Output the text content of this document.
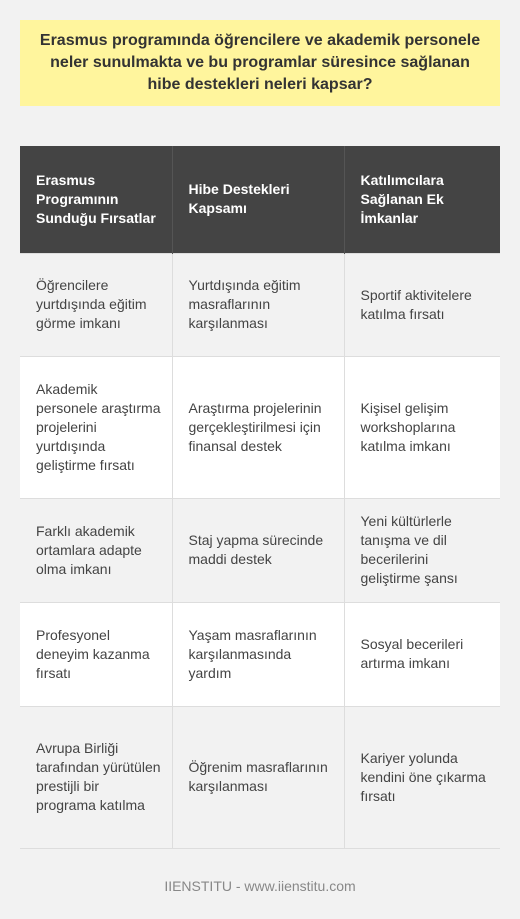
Erasmus programında öğrencilere ve akademik personele neler sunulmakta ve bu programlar süresince sağlanan hibe destekleri neleri kapsar?
Erasmus Programının Sunduğu Fırsatlar	Hibe Destekleri Kapsamı	Katılımcılara Sağlanan Ek İmkanlar
Öğrencilere yurtdışında eğitim görme imkanı	Yurtdışında eğitim masraflarının karşılanması	Sportif aktivitelere katılma fırsatı
Akademik personele araştırma projelerini yurtdışında geliştirme fırsatı	Araştırma projelerinin gerçekleştirilmesi için finansal destek	Kişisel gelişim workshoplarına katılma imkanı
Farklı akademik ortamlara adapte olma imkanı	Staj yapma sürecinde maddi destek	Yeni kültürlerle tanışma ve dil becerilerini geliştirme şansı
Profesyonel deneyim kazanma fırsatı	Yaşam masraflarının karşılanmasında yardım	Sosyal becerileri artırma imkanı
Avrupa Birliği tarafından yürütülen prestijli bir programa katılma	Öğrenim masraflarının karşılanması	Kariyer yolunda kendini öne çıkarma fırsatı
IIENSTITU - www.iienstitu.com
